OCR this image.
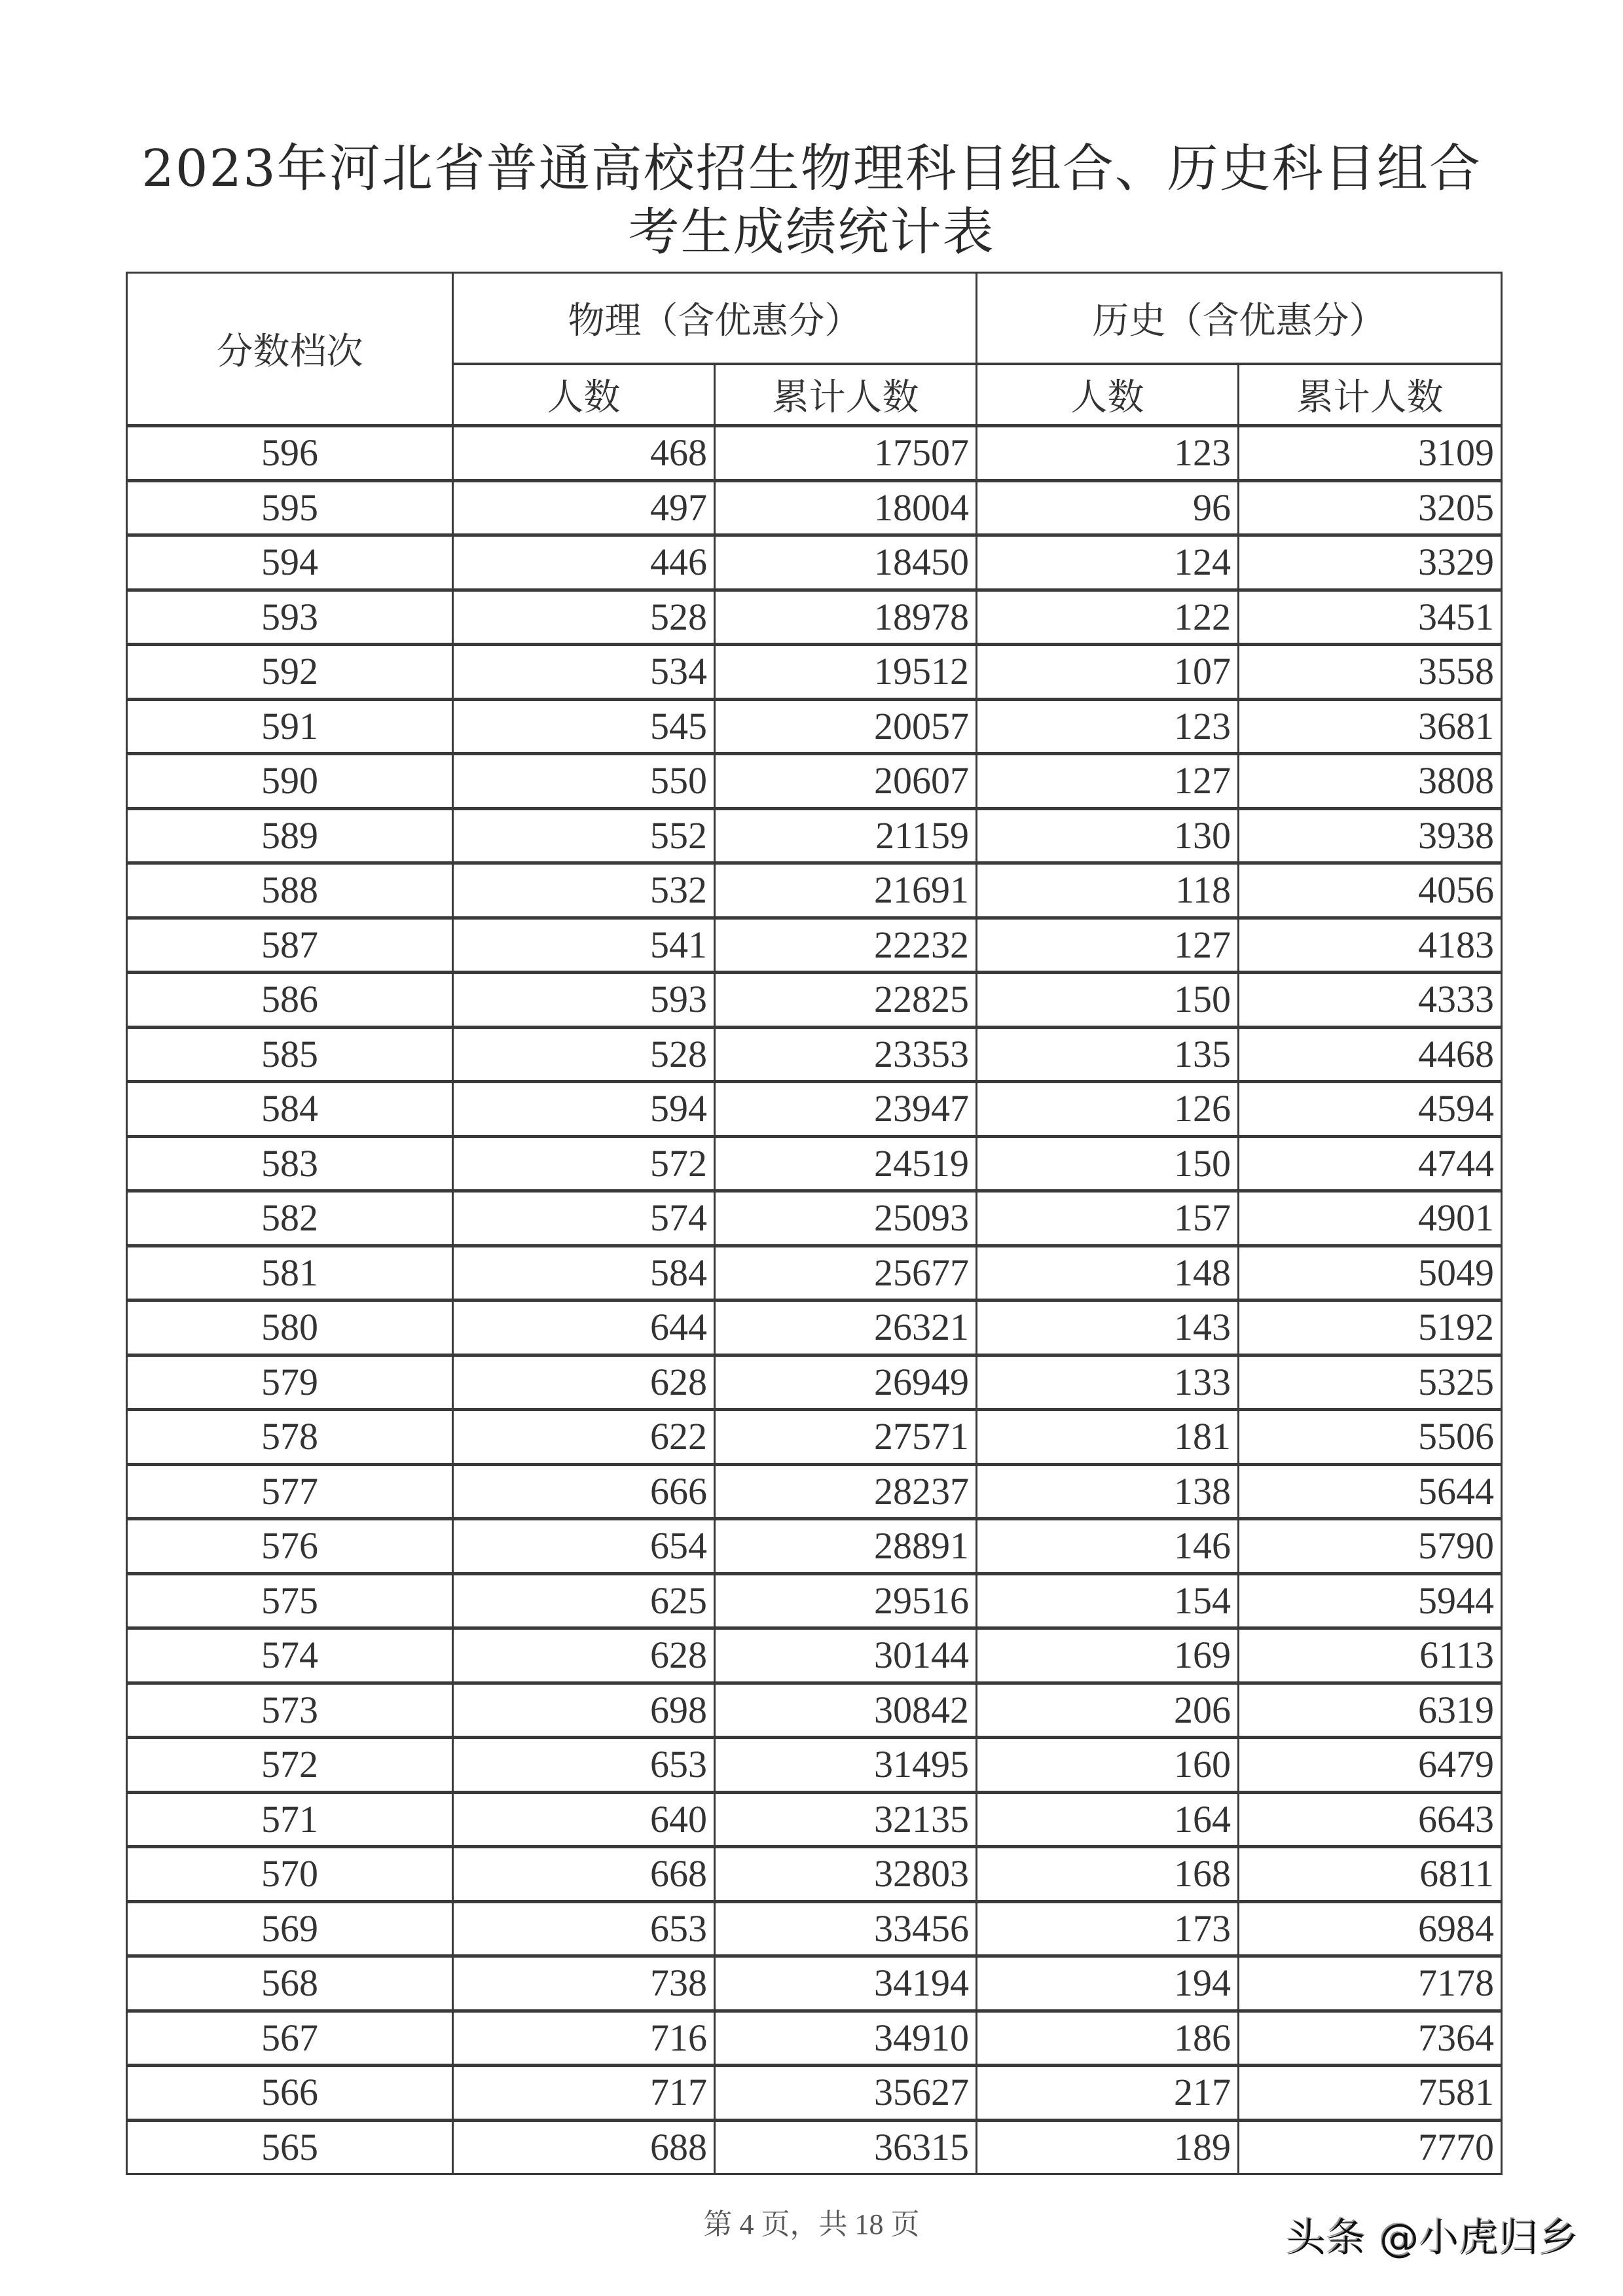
2023年河北省普通高校招生物理科目组合、历史科目组合
考生成绩统计表
分数档次	物理（含优惠分）		历史（含优惠分）	
	人数	累计人数	人数	累计人数
596	468	17507	123	3109
595	497	18004	96	3205
594	446	18450	124	3329
593	528	18978	122	3451
592	534	19512	107	3558
591	545	20057	123	3681
590	550	20607	127	3808
589	552	21159	130	3938
588	532	21691	118	4056
587	541	22232	127	4183
586	593	22825	150	4333
585	528	23353	135	4468
584	594	23947	126	4594
583	572	24519	150	4744
582	574	25093	157	4901
581	584	25677	148	5049
580	644	26321	143	5192
579	628	26949	133	5325
578	622	27571	181	5506
577	666	28237	138	5644
576	654	28891	146	5790
575	625	29516	154	5944
574	628	30144	169	6113
573	698	30842	206	6319
572	653	31495	160	6479
571	640	32135	164	6643
570	668	32803	168	6811
569	653	33456	173	6984
568	738	34194	194	7178
567	716	34910	186	7364
566	717	35627	217	7581
565	688	36315	189	7770
第 4 页，共 18 页	头条 @小虎归乡
